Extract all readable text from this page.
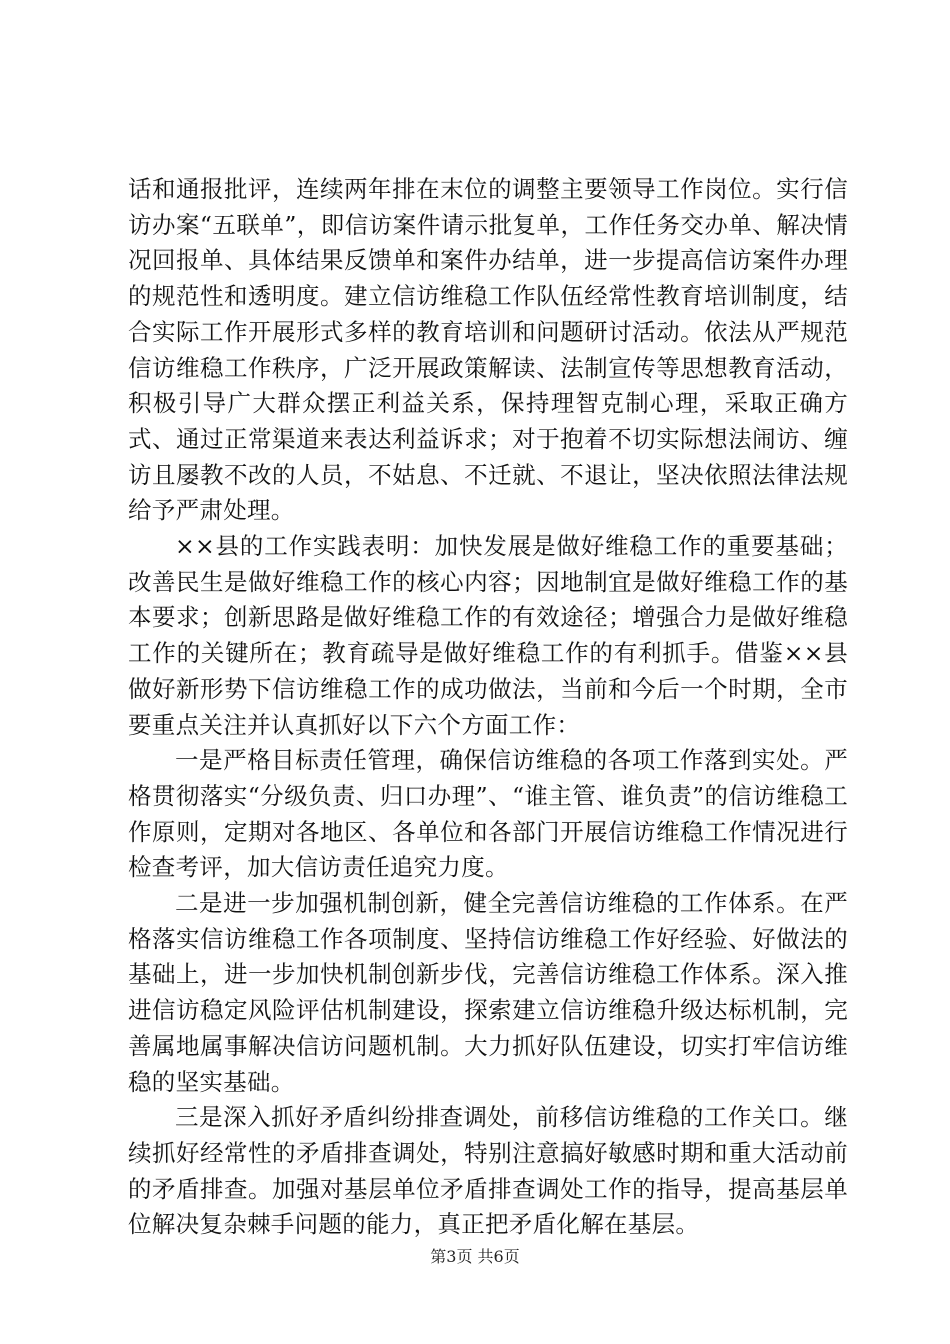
话和通报批评，连续两年排在末位的调整主要领导工作岗位。实行信访办案“五联单”，即信访案件请示批复单，工作任务交办单、解决情况回报单、具体结果反馈单和案件办结单，进一步提高信访案件办理的规范性和透明度。建立信访维稳工作队伍经常性教育培训制度，结合实际工作开展形式多样的教育培训和问题研讨活动。依法从严规范信访维稳工作秩序，广泛开展政策解读、法制宣传等思想教育活动，积极引导广大群众摆正利益关系，保持理智克制心理，采取正确方式、通过正常渠道来表达利益诉求；对于抱着不切实际想法闹访、缠访且屡教不改的人员，不姑息、不迁就、不退让，坚决依照法律法规给予严肃处理。

××县的工作实践表明：加快发展是做好维稳工作的重要基础；改善民生是做好维稳工作的核心内容；因地制宜是做好维稳工作的基本要求；创新思路是做好维稳工作的有效途径；增强合力是做好维稳工作的关键所在；教育疏导是做好维稳工作的有利抓手。借鉴××县做好新形势下信访维稳工作的成功做法，当前和今后一个时期，全市要重点关注并认真抓好以下六个方面工作：

一是严格目标责任管理，确保信访维稳的各项工作落到实处。严格贯彻落实“分级负责、归口办理”、“谁主管、谁负责”的信访维稳工作原则，定期对各地区、各单位和各部门开展信访维稳工作情况进行检查考评，加大信访责任追究力度。

二是进一步加强机制创新，健全完善信访维稳的工作体系。在严格落实信访维稳工作各项制度、坚持信访维稳工作好经验、好做法的基础上，进一步加快机制创新步伐，完善信访维稳工作体系。深入推进信访稳定风险评估机制建设，探索建立信访维稳升级达标机制，完善属地属事解决信访问题机制。大力抓好队伍建设，切实打牢信访维稳的坚实基础。

三是深入抓好矛盾纠纷排查调处，前移信访维稳的工作关口。继续抓好经常性的矛盾排查调处，特别注意搞好敏感时期和重大活动前的矛盾排查。加强对基层单位矛盾排查调处工作的指导，提高基层单位解决复杂棘手问题的能力，真正把矛盾化解在基层。

第3页 共6页
